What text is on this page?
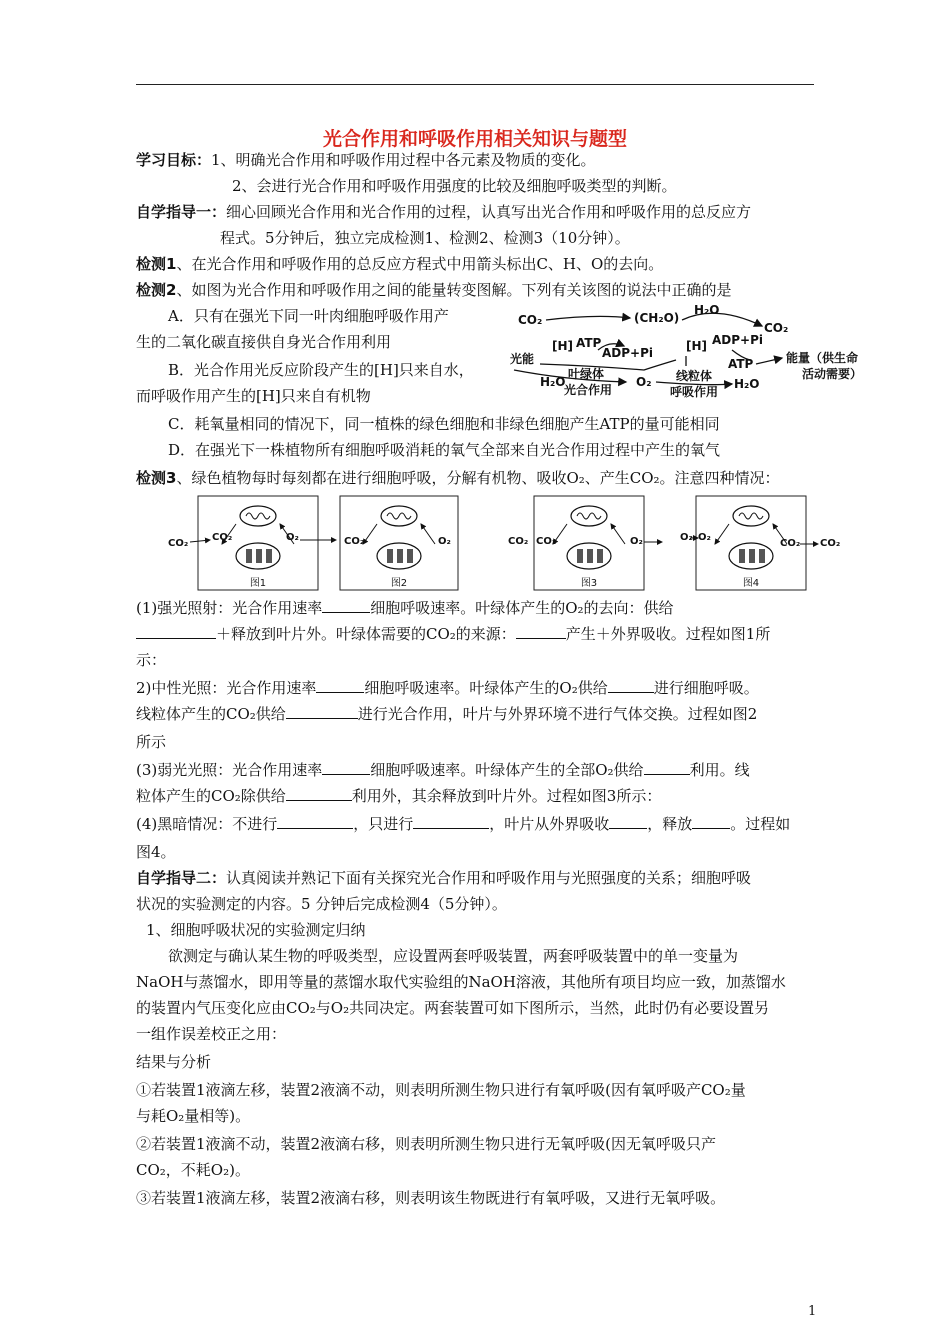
光合作用和呼吸作用相关知识与题型
学习目标：1、明确光合作用和呼吸作用过程中各元素及物质的变化。
2、会进行光合作用和呼吸作用强度的比较及细胞呼吸类型的判断。
自学指导一：细心回顾光合作用和光合作用的过程，认真写出光合作用和呼吸作用的总反应方
程式。5分钟后，独立完成检测1、检测2、检测3（10分钟）。
检测1、在光合作用和呼吸作用的总反应方程式中用箭头标出C、H、O的去向。
检测2、如图为光合作用和呼吸作用之间的能量转变图解。下列有关该图的说法中正确的是
A．只有在强光下同一叶肉细胞呼吸作用产
生的二氧化碳直接供自身光合作用利用
B．光合作用光反应阶段产生的[H]只来自水，
而呼吸作用产生的[H]只来自有机物
C．耗氧量相同的情况下，同一植株的绿色细胞和非绿色细胞产生ATP的量可能相同
D．在强光下一株植物所有细胞呼吸消耗的氧气全部来自光合作用过程中产生的氧气
CO₂	(CH₂O)
H₂O
CO₂
ATP
ADP+Pi
[H]
光能
H₂O
叶绿体
光合作用
O₂ 线粒体
呼吸作用
[H] ADP+Pi
ATP
H₂O
能量（供生命
活动需要）
检测3、绿色植物每时每刻都在进行细胞呼吸，分解有机物、吸收O₂、产生CO₂。注意四种情况：
图1	图2	图3	图4
CO₂
CO₂	O₂	CO₂	O₂	CO₂ CO₂	O₂	O₂ O₂
CO₂ CO₂
(1)强光照射：光合作用速率	细胞呼吸速率。叶绿体产生的O₂的去向：供给
＋释放到叶片外。叶绿体需要的CO₂的来源：	产生＋外界吸收。过程如图1所
示：
2)中性光照：光合作用速率	细胞呼吸速率。叶绿体产生的O₂供给	进行细胞呼吸。
线粒体产生的CO₂供给	进行光合作用，叶片与外界环境不进行气体交换。过程如图2
所示
(3)弱光光照：光合作用速率	细胞呼吸速率。叶绿体产生的全部O₂供给	利用。线
粒体产生的CO₂除供给	利用外，其余释放到叶片外。过程如图3所示：
(4)黑暗情况：不进行	，只进行	，叶片从外界吸收	，释放	。过程如
图4。
自学指导二：认真阅读并熟记下面有关探究光合作用和呼吸作用与光照强度的关系；细胞呼吸
状况的实验测定的内容。5 分钟后完成检测4（5分钟）。
1、细胞呼吸状况的实验测定归纳
欲测定与确认某生物的呼吸类型，应设置两套呼吸装置，两套呼吸装置中的单一变量为
NaOH与蒸馏水，即用等量的蒸馏水取代实验组的NaOH溶液，其他所有项目均应一致，加蒸馏水
的装置内气压变化应由CO₂与O₂共同决定。两套装置可如下图所示，当然，此时仍有必要设置另
一组作误差校正之用：
结果与分析
①若装置1液滴左移，装置2液滴不动，则表明所测生物只进行有氧呼吸(因有氧呼吸产CO₂量
与耗O₂量相等)。
②若装置1液滴不动，装置2液滴右移，则表明所测生物只进行无氧呼吸(因无氧呼吸只产
CO₂，不耗O₂)。
③若装置1液滴左移，装置2液滴右移，则表明该生物既进行有氧呼吸，又进行无氧呼吸。
1
